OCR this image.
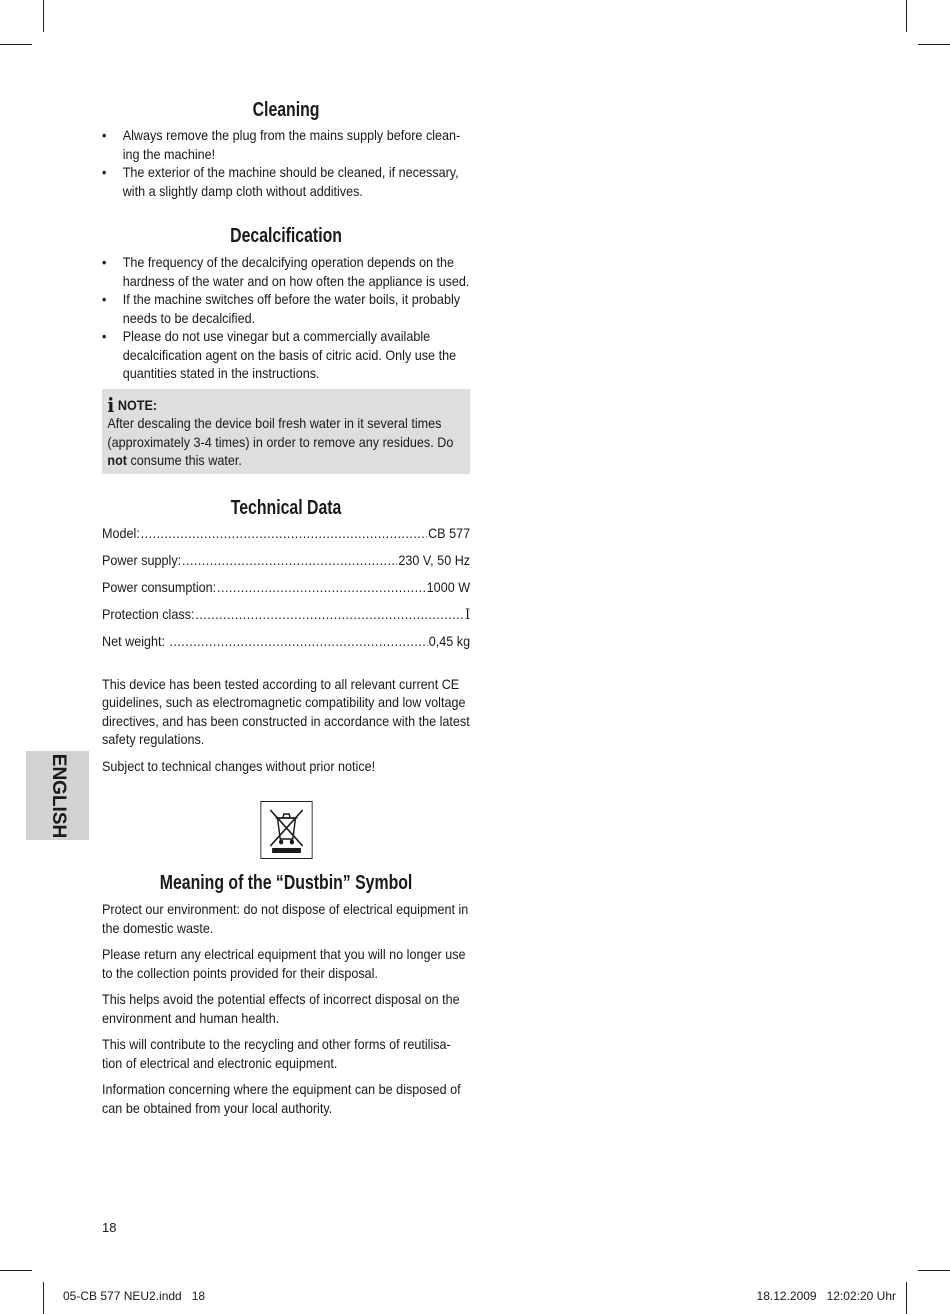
ENGLISH
Cleaning
• Always remove the plug from the mains supply before clean-ing the machine!
• The exterior of the machine should be cleaned, if necessary, with a slightly damp cloth without additives.
Decalcification
• The frequency of the decalcifying operation depends on the hardness of the water and on how often the appliance is used.
• If the machine switches off before the water boils, it probably needs to be decalcified.
• Please do not use vinegar but a commercially available decalcification agent on the basis of citric acid. Only use the quantities stated in the instructions.
i NOTE:
After descaling the device boil fresh water in it several times (approximately 3-4 times) in order to remove any residues. Do not consume this water.
Technical Data
Model: .....	CB 577
Power supply: .....	230 V, 50 Hz
Power consumption: .....	1000 W
Protection class: .....	I
Net weight: .....	0,45 kg

This device has been tested according to all relevant current CE guidelines, such as electromagnetic compatibility and low voltage directives, and has been constructed in accordance with the latest safety regulations.

Subject to technical changes without prior notice!

Meaning of the “Dustbin” Symbol

Protect our environment: do not dispose of electrical equipment in the domestic waste.

Please return any electrical equipment that you will no longer use to the collection points provided for their disposal.

This helps avoid the potential effects of incorrect disposal on the environment and human health.

This will contribute to the recycling and other forms of reutilisa-tion of electrical and electronic equipment.

Information concerning where the equipment can be disposed of can be obtained from your local authority.

18
05-CB 577 NEU2.indd   18	18.12.2009   12:02:20 Uhr
